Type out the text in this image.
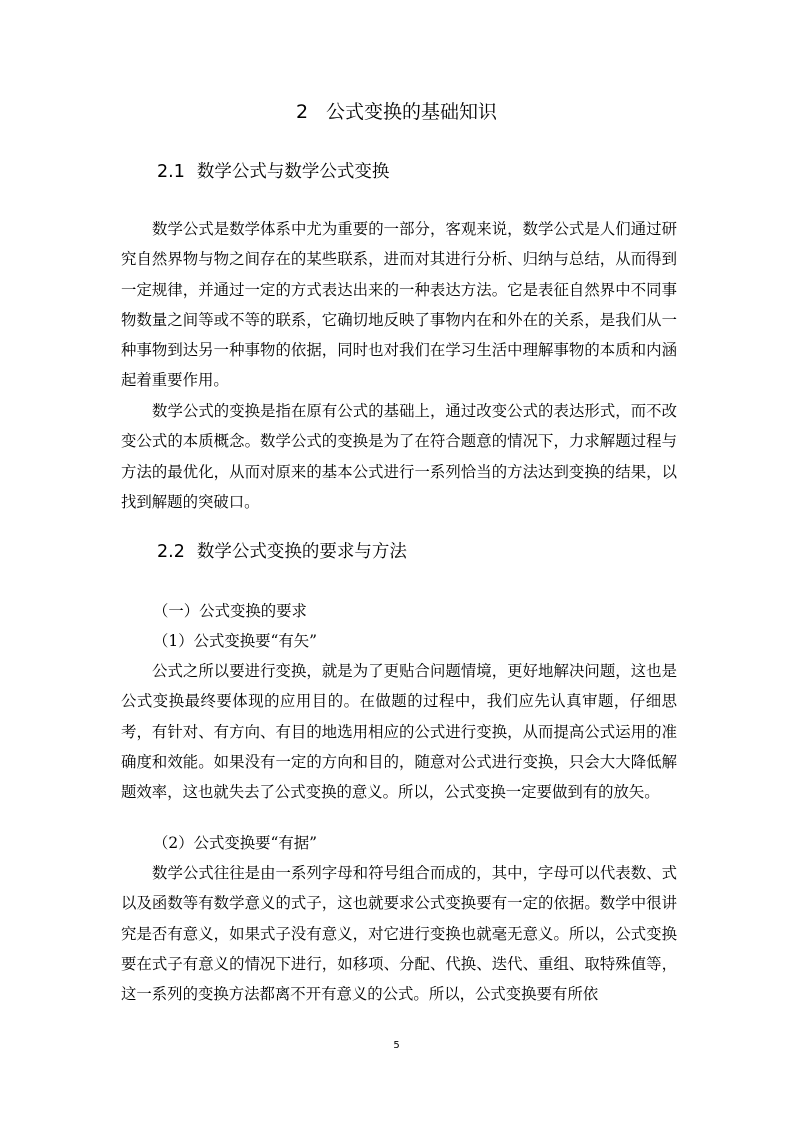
2 公式变换的基础知识
2.1 数学公式与数学公式变换

数学公式是数学体系中尤为重要的一部分，客观来说，数学公式是人们通过研究自然界物与物之间存在的某些联系，进而对其进行分析、归纳与总结，从而得到一定规律，并通过一定的方式表达出来的一种表达方法。它是表征自然界中不同事物数量之间等或不等的联系，它确切地反映了事物内在和外在的关系，是我们从一种事物到达另一种事物的依据，同时也对我们在学习生活中理解事物的本质和内涵起着重要作用。

数学公式的变换是指在原有公式的基础上，通过改变公式的表达形式，而不改变公式的本质概念。数学公式的变换是为了在符合题意的情况下，力求解题过程与方法的最优化，从而对原来的基本公式进行一系列恰当的方法达到变换的结果，以找到解题的突破口。

2.2 数学公式变换的要求与方法

（一）公式变换的要求

（1）公式变换要“有矢”

公式之所以要进行变换，就是为了更贴合问题情境，更好地解决问题，这也是公式变换最终要体现的应用目的。在做题的过程中，我们应先认真审题，仔细思考，有针对、有方向、有目的地选用相应的公式进行变换，从而提高公式运用的准确度和效能。如果没有一定的方向和目的，随意对公式进行变换，只会大大降低解题效率，这也就失去了公式变换的意义。所以，公式变换一定要做到有的放矢。

（2）公式变换要“有据”

数学公式往往是由一系列字母和符号组合而成的，其中，字母可以代表数、式以及函数等有数学意义的式子，这也就要求公式变换要有一定的依据。数学中很讲究是否有意义，如果式子没有意义，对它进行变换也就毫无意义。所以，公式变换要在式子有意义的情况下进行，如移项、分配、代换、迭代、重组、取特殊值等，这一系列的变换方法都离不开有意义的公式。所以，公式变换要有所依

5
